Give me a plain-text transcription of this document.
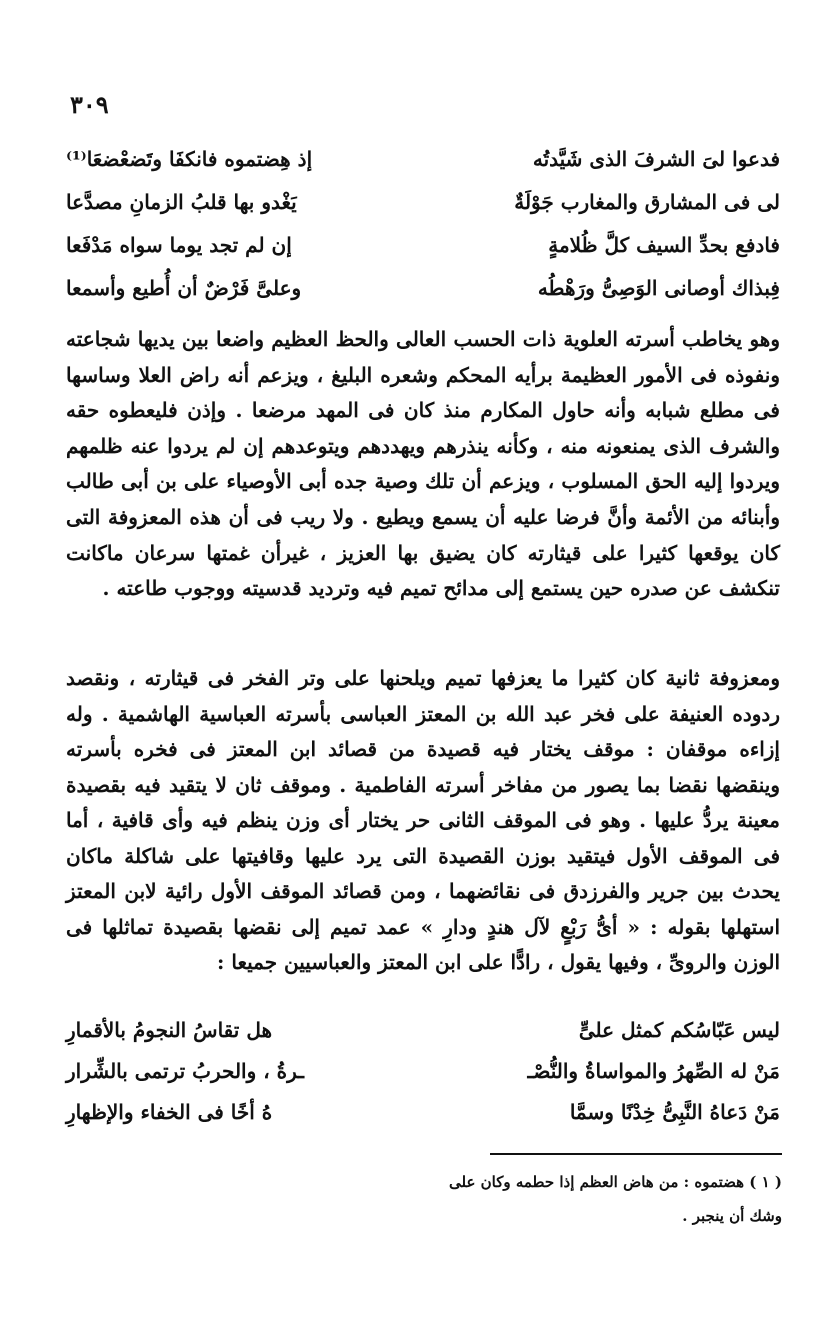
٣٠٩
فدعوا لىَ الشرفَ الذى شَيَّدتُه
إذ هِضتموه فانكفَا وتَضعْضعَا⁽¹⁾
لى فى المشارق والمغارب جَوْلَةٌ
يَغْدو بها قلبُ الزمانِ مصدَّعا
فادفع بحدِّ السيف كلَّ ظُلامةٍ
إن لم تجد يوما سواه مَدْفَعا
فِبذاك أوصانى الوَصِىُّ ورَهْطُه
وعلىَّ فَرْضٌ أن أُطيع وأسمعا

وهو يخاطب أسرته العلوية ذات الحسب العالى والحظ العظيم واضعا بين يديها شجاعته ونفوذه فى الأمور العظيمة برأيه المحكم وشعره البليغ ، ويزعم أنه راض العلا وساسها فى مطلع شبابه وأنه حاول المكارم منذ كان فى المهد مرضعا . وإذن فليعطوه حقه والشرف الذى يمنعونه منه ، وكأنه ينذرهم ويهددهم ويتوعدهم إن لم يردوا عنه ظلمهم ويردوا إليه الحق المسلوب ، ويزعم أن تلك وصية جده أبى الأوصياء على بن أبى طالب وأبنائه من الأئمة وأنَّ فرضا عليه أن يسمع ويطيع . ولا ريب فى أن هذه المعزوفة التى كان يوقعها كثيرا على قيثارته كان يضيق بها العزيز ، غيرأن غمتها سرعان ماكانت تنكشف عن صدره حين يستمع إلى مدائح تميم فيه وترديد قدسيته ووجوب طاعته .

ومعزوفة ثانية كان كثيرا ما يعزفها تميم ويلحنها على وتر الفخر فى قيثارته ، ونقصد ردوده العنيفة على فخر عبد الله بن المعتز العباسى بأسرته العباسية الهاشمية . وله إزاءه موقفان : موقف يختار فيه قصيدة من قصائد ابن المعتز فى فخره بأسرته وينقضها نقضا بما يصور من مفاخر أسرته الفاطمية . وموقف ثان لا يتقيد فيه بقصيدة معينة يردُّ عليها . وهو فى الموقف الثانى حر يختار أى وزن ينظم فيه وأى قافية ، أما فى الموقف الأول فيتقيد بوزن القصيدة التى يرد عليها وقافيتها على شاكلة ماكان يحدث بين جرير والفرزدق فى نقائضهما ، ومن قصائد الموقف الأول رائية لابن المعتز استهلها بقوله : « أىُّ رَبْعٍ لآل هندٍ ودارِ » عمد تميم إلى نقضها بقصيدة تماثلها فى الوزن والروىِّ ، وفيها يقول ، رادًّا على ابن المعتز والعباسيين جميعا :

ليس عَبّاسُكم كمثل علىٍّ
هل تقاسُ النجومُ بالأقمارِ
مَنْ له الصِّهرُ والمواساةُ والنُّصْـ
ـرةُ ، والحربُ ترتمى بالشِّرار
مَنْ دَعاهُ النَّبِىُّ خِدْنًا وسمَّا
هُ أخًا فى الخفاء والإظهارِ

( ١ ) هضتموه : من هاض العظم إذا حطمه وكان على

وشك أن ينجبر .
